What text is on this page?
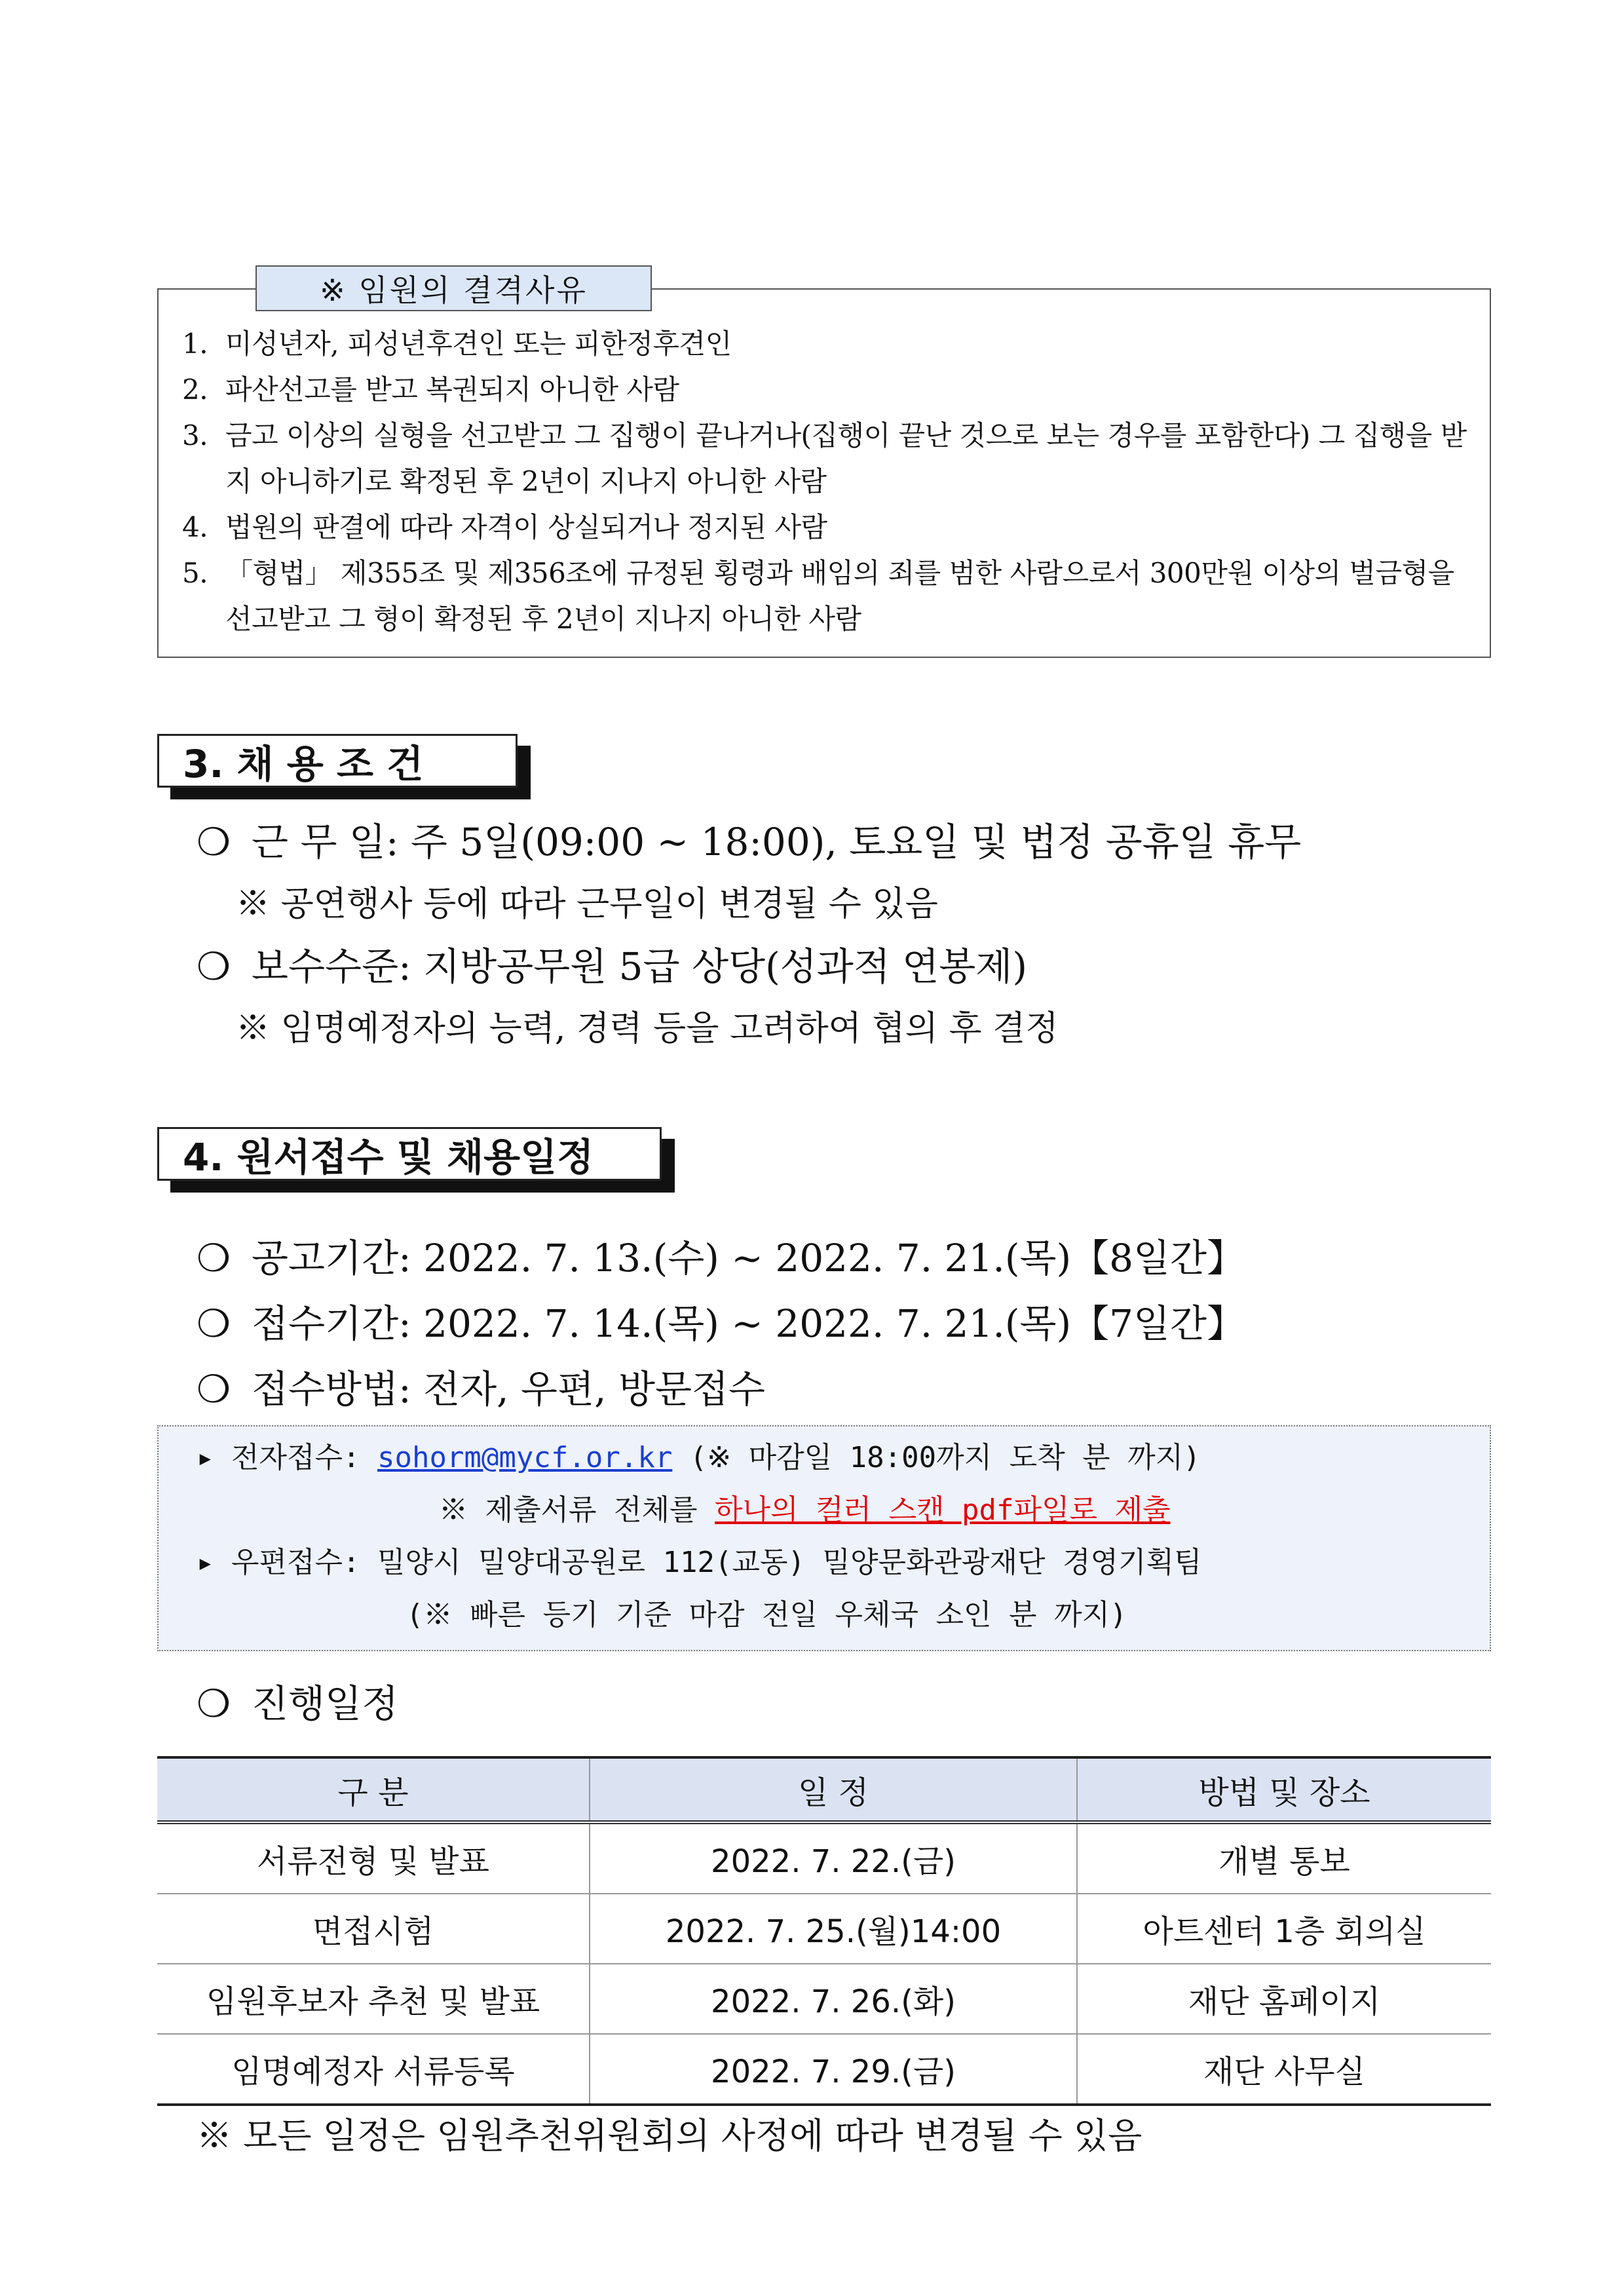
※ 임원의 결격사유
1. 미성년자, 피성년후견인 또는 피한정후견인
2. 파산선고를 받고 복권되지 아니한 사람
3. 금고 이상의 실형을 선고받고 그 집행이 끝나거나(집행이 끝난 것으로 보는 경우를 포함한다) 그 집행을 받지 아니하기로 확정된 후 2년이 지나지 아니한 사람
4. 법원의 판결에 따라 자격이 상실되거나 정지된 사람
5. 「형법」 제355조 및 제356조에 규정된 횡령과 배임의 죄를 범한 사람으로서 300만원 이상의 벌금형을 선고받고 그 형이 확정된 후 2년이 지나지 아니한 사람
3. 채 용 조 건
❍ 근 무 일: 주 5일(09:00 ~ 18:00), 토요일 및 법정 공휴일 휴무
※ 공연행사 등에 따라 근무일이 변경될 수 있음
❍ 보수수준: 지방공무원 5급 상당(성과적 연봉제)
※ 임명예정자의 능력, 경력 등을 고려하여 협의 후 결정
4. 원서접수 및 채용일정
❍ 공고기간: 2022. 7. 13.(수) ∼ 2022. 7. 21.(목)【8일간】
❍ 접수기간: 2022. 7. 14.(목) ∼ 2022. 7. 21.(목)【7일간】
❍ 접수방법: 전자, 우편, 방문접수
▸ 전자접수: sohorm@mycf.or.kr (※ 마감일 18:00까지 도착 분 까지)
※ 제출서류 전체를 하나의 컬러 스캔 pdf파일로 제출
▸ 우편접수: 밀양시 밀양대공원로 112(교동) 밀양문화관광재단 경영기획팀
(※ 빠른 등기 기준 마감 전일 우체국 소인 분 까지)
❍ 진행일정
구 분	일 정	방법 및 장소
서류전형 및 발표	2022. 7. 22.(금)	개별 통보
면접시험	2022. 7. 25.(월)14:00	아트센터 1층 회의실
임원후보자 추천 및 발표	2022. 7. 26.(화)	재단 홈페이지
임명예정자 서류등록	2022. 7. 29.(금)	재단 사무실
※ 모든 일정은 임원추천위원회의 사정에 따라 변경될 수 있음
